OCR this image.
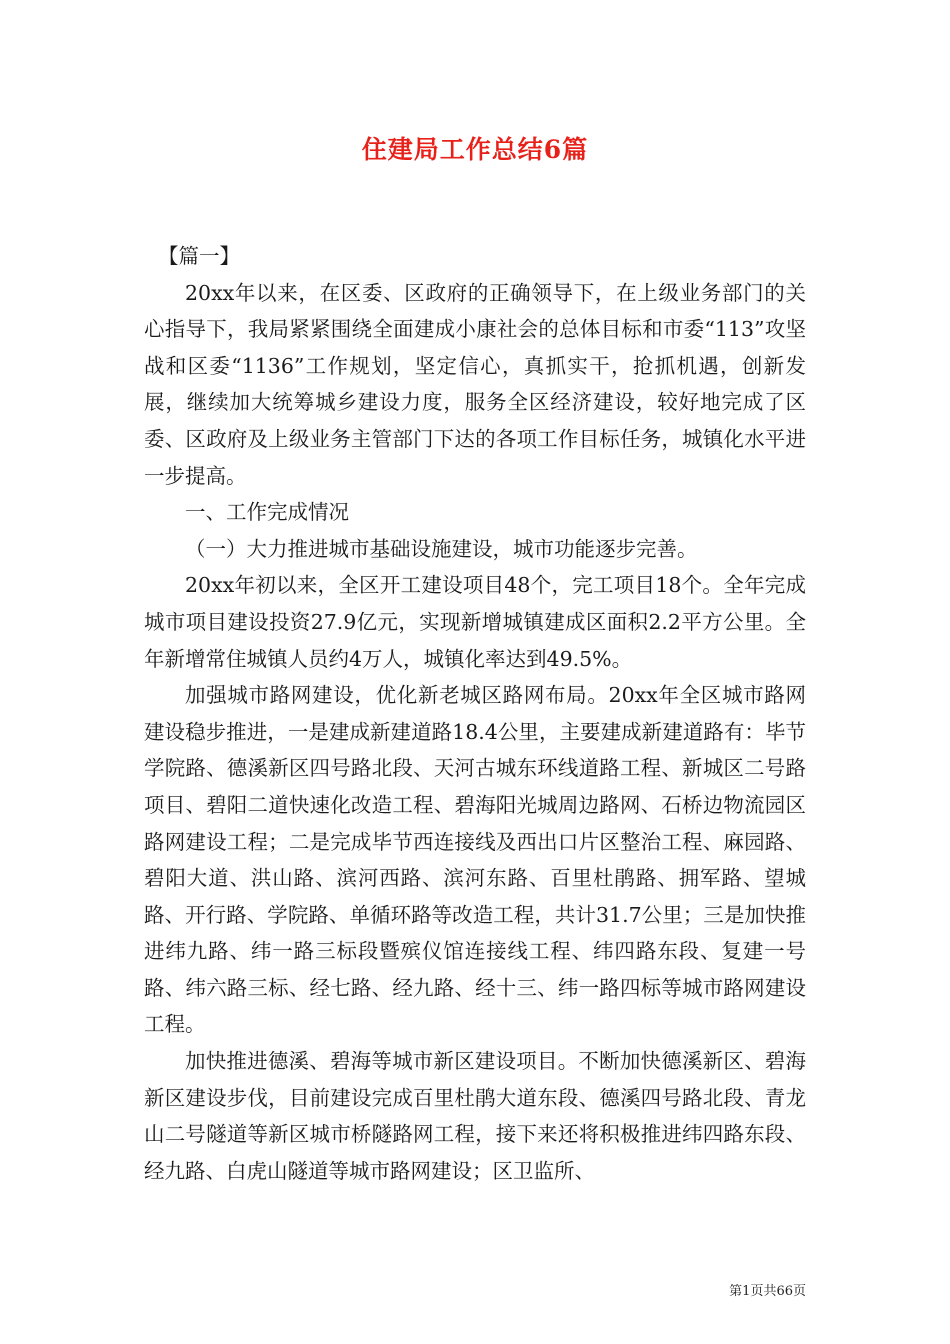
住建局工作总结6篇
【篇一】

20xx年以来，在区委、区政府的正确领导下，在上级业务部门的关心指导下，我局紧紧围绕全面建成小康社会的总体目标和市委“113”攻坚战和区委“1136”工作规划，坚定信心，真抓实干，抢抓机遇，创新发展，继续加大统筹城乡建设力度，服务全区经济建设，较好地完成了区委、区政府及上级业务主管部门下达的各项工作目标任务，城镇化水平进一步提高。

一、工作完成情况

（一）大力推进城市基础设施建设，城市功能逐步完善。

20xx年初以来，全区开工建设项目48个，完工项目18个。全年完成城市项目建设投资27.9亿元，实现新增城镇建成区面积2.2平方公里。全年新增常住城镇人员约4万人，城镇化率达到49.5%。

加强城市路网建设，优化新老城区路网布局。20xx年全区城市路网建设稳步推进，一是建成新建道路18.4公里，主要建成新建道路有：毕节学院路、德溪新区四号路北段、天河古城东环线道路工程、新城区二号路项目、碧阳二道快速化改造工程、碧海阳光城周边路网、石桥边物流园区路网建设工程；二是完成毕节西连接线及西出口片区整治工程、麻园路、碧阳大道、洪山路、滨河西路、滨河东路、百里杜鹃路、拥军路、望城路、开行路、学院路、单循环路等改造工程，共计31.7公里；三是加快推进纬九路、纬一路三标段暨殡仪馆连接线工程、纬四路东段、复建一号路、纬六路三标、经七路、经九路、经十三、纬一路四标等城市路网建设工程。

加快推进德溪、碧海等城市新区建设项目。不断加快德溪新区、碧海新区建设步伐，目前建设完成百里杜鹃大道东段、德溪四号路北段、青龙山二号隧道等新区城市桥隧路网工程，接下来还将积极推进纬四路东段、经九路、白虎山隧道等城市路网建设；区卫监所、

第1页共66页
